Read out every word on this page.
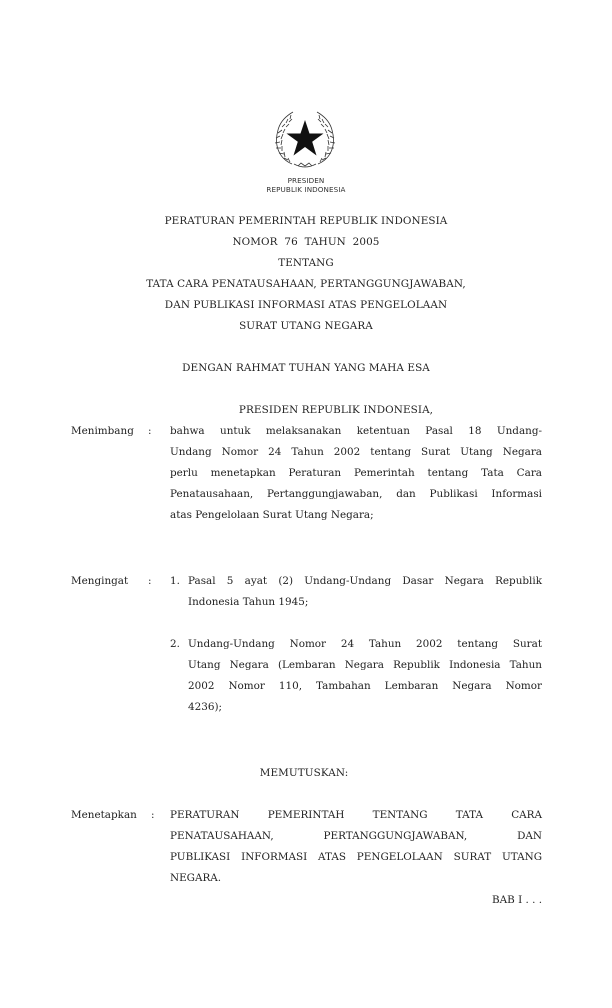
PRESIDEN
REPUBLIK INDONESIA
PERATURAN PEMERINTAH REPUBLIK INDONESIA
NOMOR  76  TAHUN  2005
TENTANG
TATA CARA PENATAUSAHAAN, PERTANGGUNGJAWABAN,
DAN PUBLIKASI INFORMASI ATAS PENGELOLAAN
SURAT UTANG NEGARA
DENGAN RAHMAT TUHAN YANG MAHA ESA
PRESIDEN REPUBLIK INDONESIA,
Menimbang : bahwa untuk melaksanakan ketentuan Pasal 18 Undang-
Undang Nomor 24 Tahun 2002 tentang Surat Utang Negara
perlu menetapkan Peraturan Pemerintah tentang Tata Cara
Penatausahaan, Pertanggungjawaban, dan Publikasi Informasi
atas Pengelolaan Surat Utang Negara;
Mengingat : 1. Pasal 5 ayat (2) Undang-Undang Dasar Negara Republik
Indonesia Tahun 1945;
2. Undang-Undang Nomor 24 Tahun 2002 tentang Surat
Utang Negara (Lembaran Negara Republik Indonesia Tahun
2002 Nomor 110, Tambahan Lembaran Negara Nomor
4236);
MEMUTUSKAN:
Menetapkan : PERATURAN	PEMERINTAH	TENTANG	TATA	CARA
PENATAUSAHAAN,	PERTANGGUNGJAWABAN,	DAN
PUBLIKASI INFORMASI ATAS PENGELOLAAN SURAT UTANG
NEGARA.
BAB I . . .
